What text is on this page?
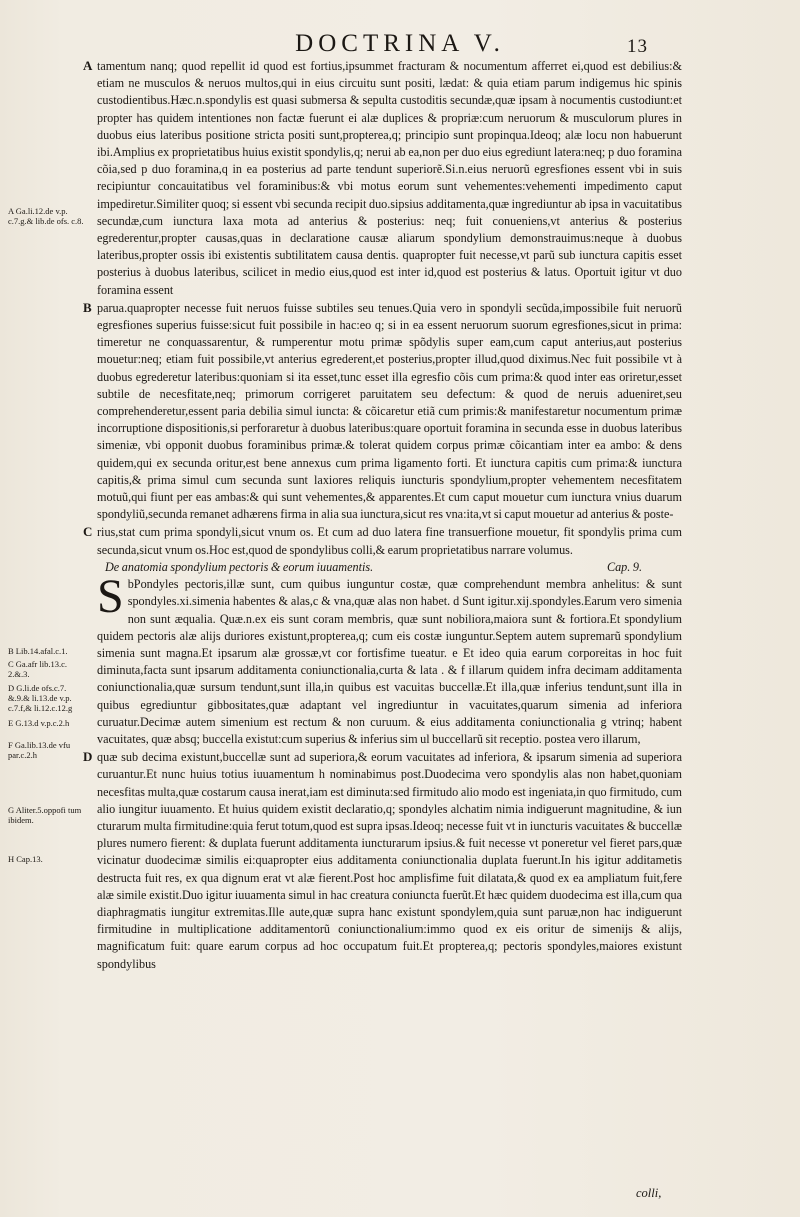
DOCTRINA V.	13
A Ga.li.12.de v.p. c.7.g.& lib.de ofs. c.8.
B Lib.14.afal.c.1.
C Ga.afr lib.13.c. 2.&.3.
D G.li.de ofs.c.7. &.9.& li.13.de v.p. c.7.f,& li.12.c.12.g
E G.13.d v.p.c.2.h
F Ga.lib.13.de vfu par.c.2.h
G Aliter.5.oppofi tum ibidem.
H Cap.13.

A tamentum nanq; quod repellit id quod est fortius,ipsummet fracturam & nocumentum afferret ei,quod est debilius:& etiam ne musculos & neruos multos,qui in eius circuitu sunt positi, lædat: & quia etiam parum indigemus hic spinis custodientibus.Hæc.n.spondylis est quasi submersa & sepulta custoditis secundæ,quæ ipsam à nocumentis custodiunt:et propter has quidem intentiones non factæ fuerunt ei alæ duplices & propriæ:cum neruorum & musculorum plures in duobus eius lateribus positione stricta positi sunt,propterea,q; principio sunt propinqua.Ideoq; alæ locu non habuerunt ibi.Amplius ex proprietatibus huius existit spondylis,q; nerui ab ea,non per duo eius egrediunt latera:neq; p duo foramina cõia,sed p duo foramina,q in ea posterius ad parte tendunt superiorẽ.Si.n.eius neruorũ egresfiones essent vbi in suis recipiuntur concauitatibus vel foraminibus:& vbi motus eorum sunt vehementes:vehementi impedimento caput impediretur.Similiter quoq; si essent vbi secunda recipit duo.sipsius additamenta,quæ ingrediuntur ab ipsa in vacuitatibus secundæ,cum iunctura laxa mota ad anterius & posterius: neq; fuit conueniens,vt anterius & posterius egrederentur,propter causas,quas in declaratione causæ aliarum spondylium demonstrauimus:neque à duobus lateribus,propter ossis ibi existentis subtilitatem causa dentis. quapropter fuit necesse,vt parũ sub iunctura capitis esset posterius à duobus lateribus, scilicet in medio eius,quod est inter id,quod est posterius & latus. Oportuit igitur vt duo foramina essent

B parua.quapropter necesse fuit neruos fuisse subtiles seu tenues.Quia vero in spondyli secũda,impossibile fuit neruorũ egresfiones superius fuisse:sicut fuit possibile in hac:eo q; si in ea essent neruorum suorum egresfiones,sicut in prima: timeretur ne conquassarentur, & rumperentur motu primæ spõdylis super eam,cum caput anterius,aut posterius mouetur:neq; etiam fuit possibile,vt anterius egrederent,et posterius,propter illud,quod diximus.Nec fuit possibile vt à duobus egrederetur lateribus:quoniam si ita esset,tunc esset illa egresfio cõis cum prima:& quod inter eas oriretur,esset subtile de necesfitate,neq; primorum corrigeret paruitatem seu defectum: & quod de neruis adueniret,seu comprehenderetur,essent paria debilia simul iuncta: & cõicaretur etiã cum primis:& manifestaretur nocumentum primæ incorruptione dispositionis,si perforaretur à duobus lateribus:quare oportuit foramina in secunda esse in duobus lateribus simeniæ, vbi opponit duobus foraminibus primæ.& tolerat quidem corpus primæ cõicantiam inter ea ambo: & dens quidem,qui ex secunda oritur,est bene annexus cum prima ligamento forti. Et iunctura capitis cum prima:& iunctura capitis,& prima simul cum secunda sunt laxiores reliquis iuncturis spondylium,propter vehementem necesfitatem motuũ,qui fiunt per eas ambas:& qui sunt vehementes,& apparentes.Et cum caput mouetur cum iunctura vnius duarum spondyliũ,secunda remanet adhærens firma in alia sua iunctura,sicut res vna:ita,vt si caput mouetur ad anterius & poste-

C rius,stat cum prima spondyli,sicut vnum os. Et cum ad duo latera fine transuerfione mouetur, fit spondylis prima cum secunda,sicut vnum os.Hoc est,quod de spondylibus colli,& earum proprietatibus narrare volumus.

De anatomia spondylium pectoris & eorum iuuamentis.	Cap. 9.

SbPondyles pectoris,illæ sunt, cum quibus iunguntur costæ, quæ comprehendunt membra anhelitus: & sunt spondyles.xi.simenia habentes & alas,c & vna,quæ alas non habet. d Sunt igitur.xij.spondyles.Earum vero simenia non sunt æqualia. Quæ.n.ex eis sunt coram membris, quæ sunt nobiliora,maiora sunt & fortiora.Et spondylium quidem pectoris alæ alijs duriores existunt,propterea,q; cum eis costæ iunguntur.Septem autem supremarũ spondylium simenia sunt magna.Et ipsarum alæ grossæ,vt cor fortisfime tueatur. e Et ideo quia earum corporeitas in hoc fuit diminuta,facta sunt ipsarum additamenta coniunctionalia,curta & lata . & f illarum quidem infra decimam additamenta coniunctionalia,quæ sursum tendunt,sunt illa,in quibus est vacuitas buccellæ.Et illa,quæ inferius tendunt,sunt illa in quibus egrediuntur gibbositates,quæ adaptant vel ingrediuntur in vacuitates,quarum simenia ad inferiora curuatur.Decimæ autem simenium est rectum & non curuum. & eius additamenta coniunctionalia g vtrinq; habent vacuitates, quæ absq; buccella existut:cum superius & inferius sim ul buccellarũ sit receptio. postea vero illarum,

D quæ sub decima existunt,buccellæ sunt ad superiora,& eorum vacuitates ad inferiora, & ipsarum simenia ad superiora curuantur.Et nunc huius totius iuuamentum h nominabimus post.Duodecima vero spondylis alas non habet,quoniam necesfitas multa,quæ costarum causa inerat,iam est diminuta:sed firmitudo alio modo est ingeniata,in quo firmitudo, cum alio iungitur iuuamento. Et huius quidem existit declaratio,q; spondyles alchatim nimia indiguerunt magnitudine, & iun cturarum multa firmitudine:quia ferut totum,quod est supra ipsas.Ideoq; necesse fuit vt in iuncturis vacuitates & buccellæ plures numero fierent: & duplata fuerunt additamenta iuncturarum ipsius.& fuit necesse vt poneretur vel fieret pars,quæ vicinatur duodecimæ similis ei:quapropter eius additamenta coniunctionalia duplata fuerunt.In his igitur additametis destructa fuit res, ex qua dignum erat vt alæ fierent.Post hoc amplisfime fuit dilatata,& quod ex ea ampliatum fuit,fere alæ simile existit.Duo igitur iuuamenta simul in hac creatura coniuncta fuerũt.Et hæc quidem duodecima est illa,cum qua diaphragmatis iungitur extremitas.Ille aute,quæ supra hanc existunt spondylem,quia sunt paruæ,non hac indiguerunt firmitudine in multiplicatione additamentorũ coniunctionalium:immo quod ex eis oritur de simenijs & alijs, magnificatum fuit: quare earum corpus ad hoc occupatum fuit.Et propterea,q; pectoris spondyles,maiores existunt spondylibus

colli,
